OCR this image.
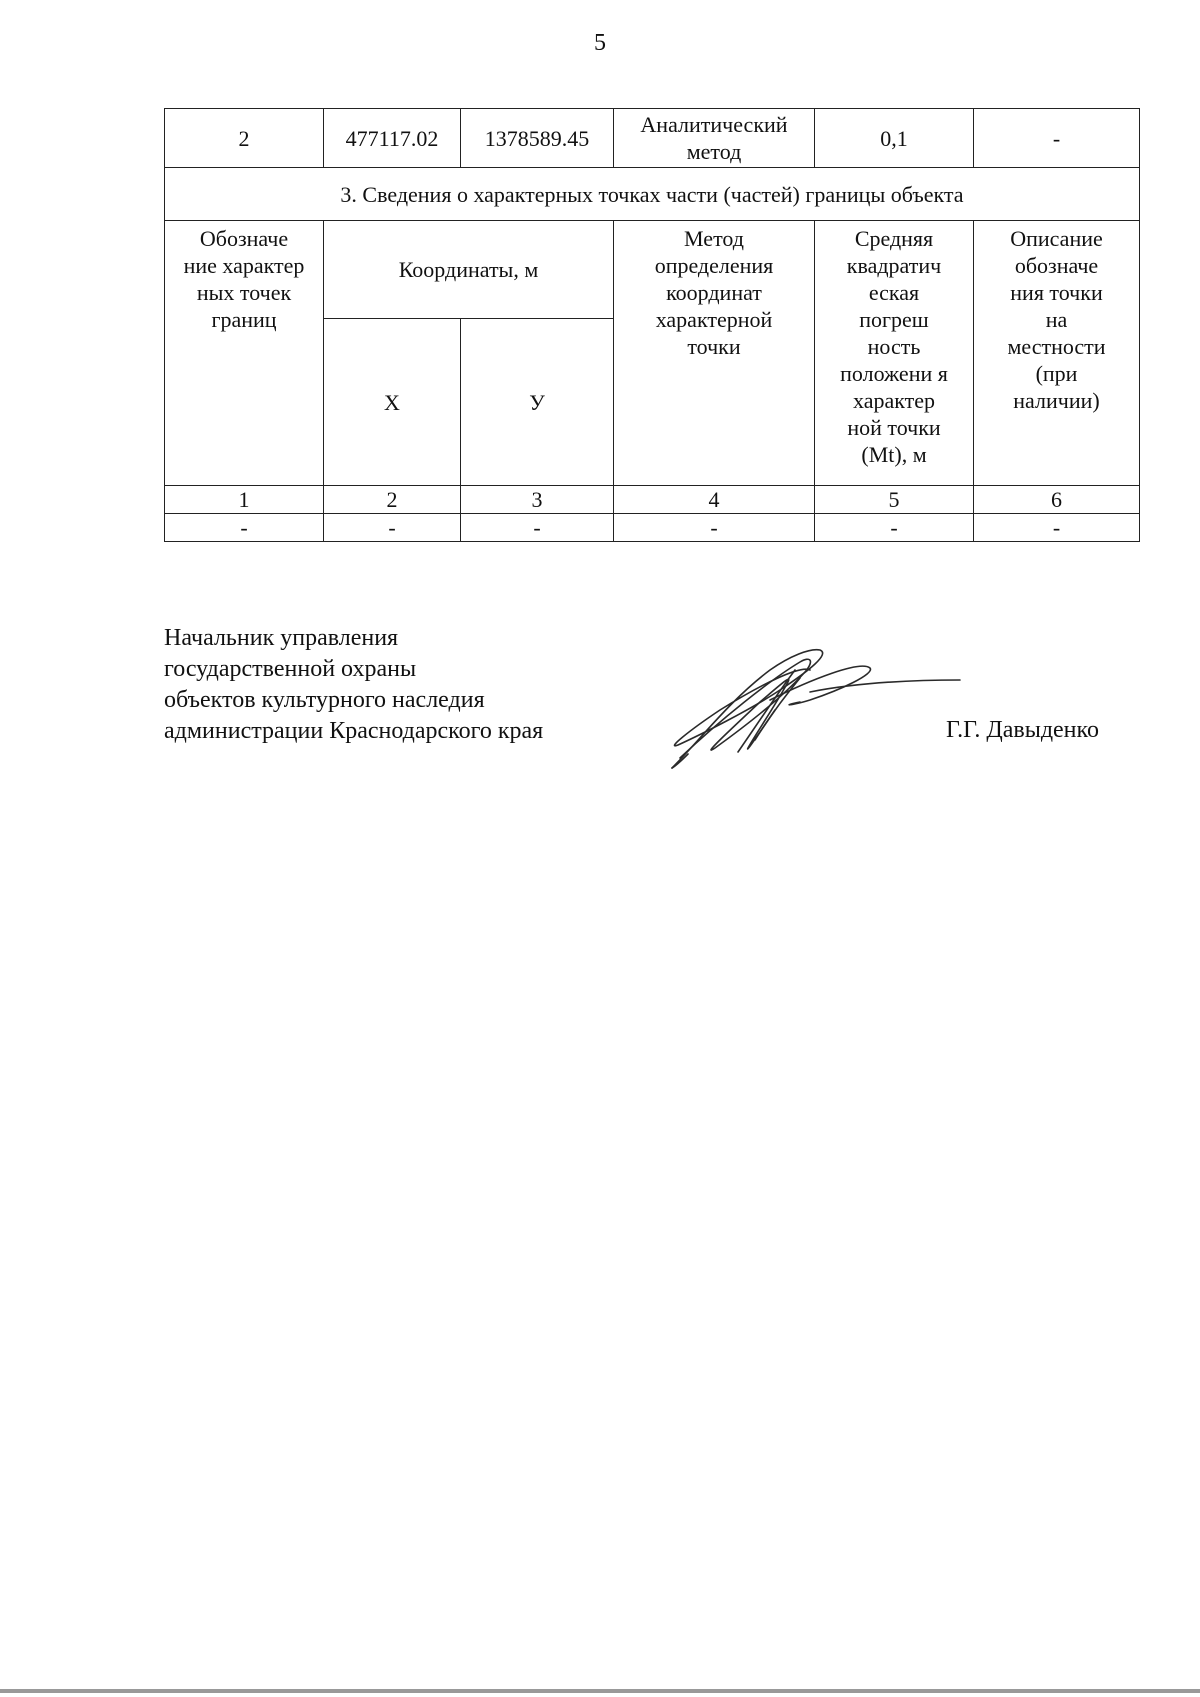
5
2	477117.02	1378589.45	Аналитический метод	0,1	-
3. Сведения о характерных точках части (частей) границы объекта					
Обозначе ние характер ных точек границ	Координаты, м		Метод определения координат характерной точки	Средняя квадратич еская погреш ность положени я характер ной точки (Mt), м	Описание обозначе ния точки на местности (при наличии)
	Х	У			
1	2	3	4	5	6
-	-	-	-	-	-
Начальник управления
государственной охраны
объектов культурного наследия
администрации Краснодарского края	Г.Г. Давыденко
